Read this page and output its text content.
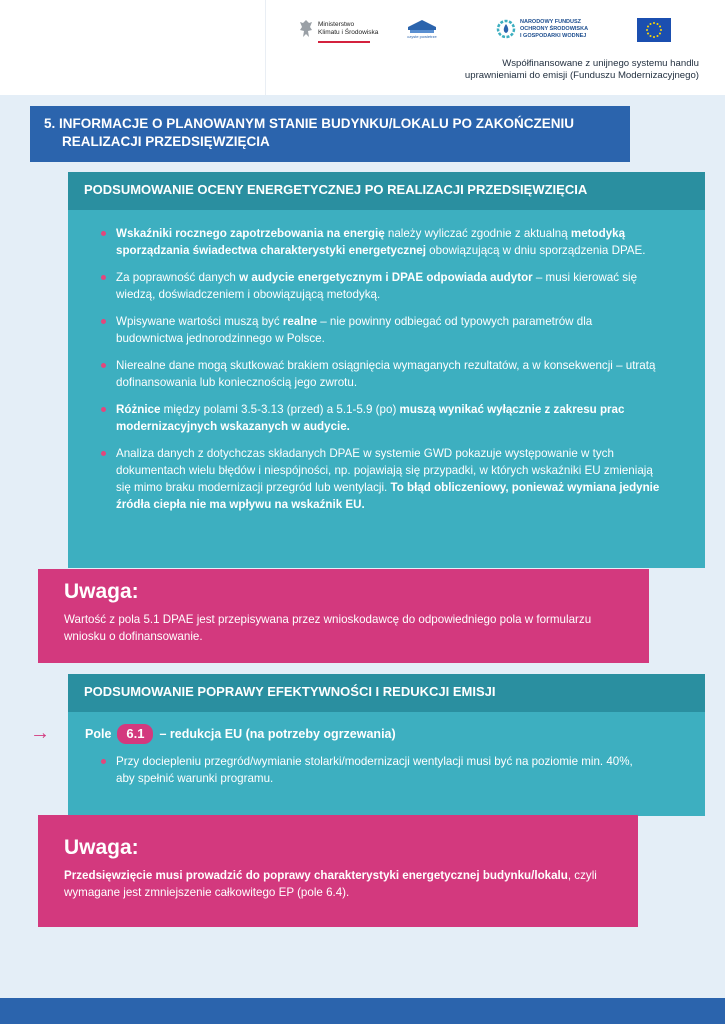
Ministerstwo
Klimatu i Środowiska
czyste powietrze
NARODOWY FUNDUSZ
OCHRONY ŚRODOWISKA
I GOSPODARKI WODNEJ
Współfinansowane z unijnego systemu handlu
uprawnieniami do emisji (Funduszu Modernizacyjnego)
5. INFORMACJE O PLANOWANYM STANIE BUDYNKU/LOKALU PO ZAKOŃCZENIU
REALIZACJI PRZEDSIĘWZIĘCIA
PODSUMOWANIE OCENY ENERGETYCZNEJ PO REALIZACJI PRZEDSIĘWZIĘCIA
Wskaźniki rocznego zapotrzebowania na energię należy wyliczać zgodnie z aktualną metodyką sporządzania świadectwa charakterystyki energetycznej obowiązującą w dniu sporządzenia DPAE.
Za poprawność danych w audycie energetycznym i DPAE odpowiada audytor – musi kierować się wiedzą, doświadczeniem i obowiązującą metodyką.
Wpisywane wartości muszą być realne – nie powinny odbiegać od typowych parametrów dla budownictwa jednorodzinnego w Polsce.
Nierealne dane mogą skutkować brakiem osiągnięcia wymaganych rezultatów, a w konsekwencji – utratą dofinansowania lub koniecznością jego zwrotu.
Różnice między polami 3.5-3.13 (przed) a 5.1-5.9 (po) muszą wynikać wyłącznie z zakresu prac modernizacyjnych wskazanych w audycie.
Analiza danych z dotychczas składanych DPAE w systemie GWD pokazuje występowanie w tych dokumentach wielu błędów i niespójności, np. pojawiają się przypadki, w których wskaźniki EU zmieniają się mimo braku modernizacji przegród lub wentylacji. To błąd obliczeniowy, ponieważ wymiana jedynie źródła ciepła nie ma wpływu na wskaźnik EU.
Uwaga:
Wartość z pola 5.1 DPAE jest przepisywana przez wnioskodawcę do odpowiedniego pola w formularzu wniosku o dofinansowanie.
PODSUMOWANIE POPRAWY EFEKTYWNOŚCI I REDUKCJI EMISJI
→	Pole	6.1	– redukcja EU (na potrzeby ogrzewania)
Przy dociepleniu przegród/wymianie stolarki/modernizacji wentylacji musi być na poziomie min. 40%, aby spełnić warunki programu.
Uwaga:
Przedsięwzięcie musi prowadzić do poprawy charakterystyki energetycznej budynku/lokalu, czyli wymagane jest zmniejszenie całkowitego EP (pole 6.4).
